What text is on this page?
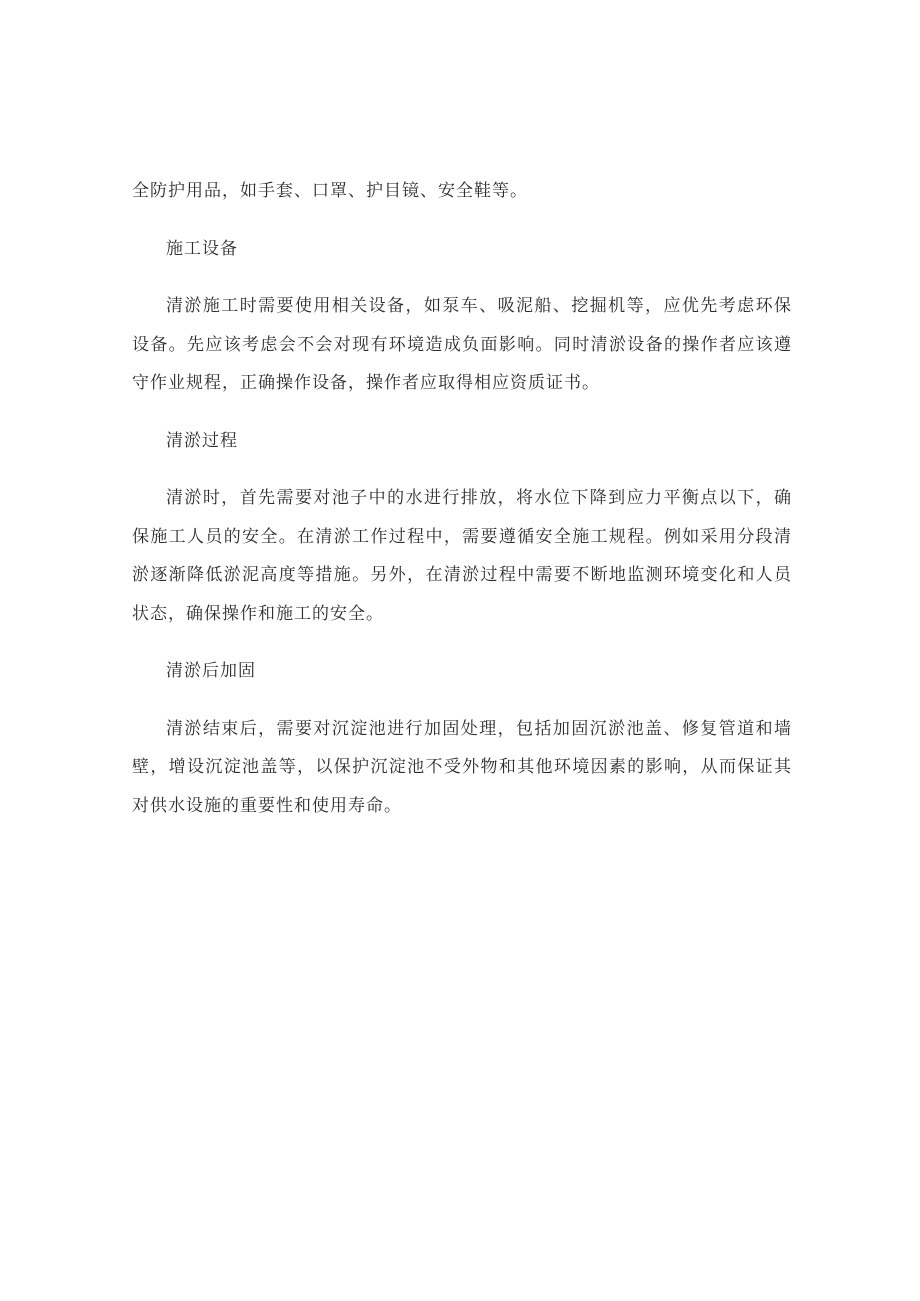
全防护用品，如手套、口罩、护目镜、安全鞋等。

施工设备

清淤施工时需要使用相关设备，如泵车、吸泥船、挖掘机等，应优先考虑环保设备。先应该考虑会不会对现有环境造成负面影响。同时清淤设备的操作者应该遵守作业规程，正确操作设备，操作者应取得相应资质证书。

清淤过程

清淤时，首先需要对池子中的水进行排放，将水位下降到应力平衡点以下，确保施工人员的安全。在清淤工作过程中，需要遵循安全施工规程。例如采用分段清淤逐渐降低淤泥高度等措施。另外，在清淤过程中需要不断地监测环境变化和人员状态，确保操作和施工的安全。

清淤后加固

清淤结束后，需要对沉淀池进行加固处理，包括加固沉淤池盖、修复管道和墙壁，增设沉淀池盖等，以保护沉淀池不受外物和其他环境因素的影响，从而保证其对供水设施的重要性和使用寿命。
